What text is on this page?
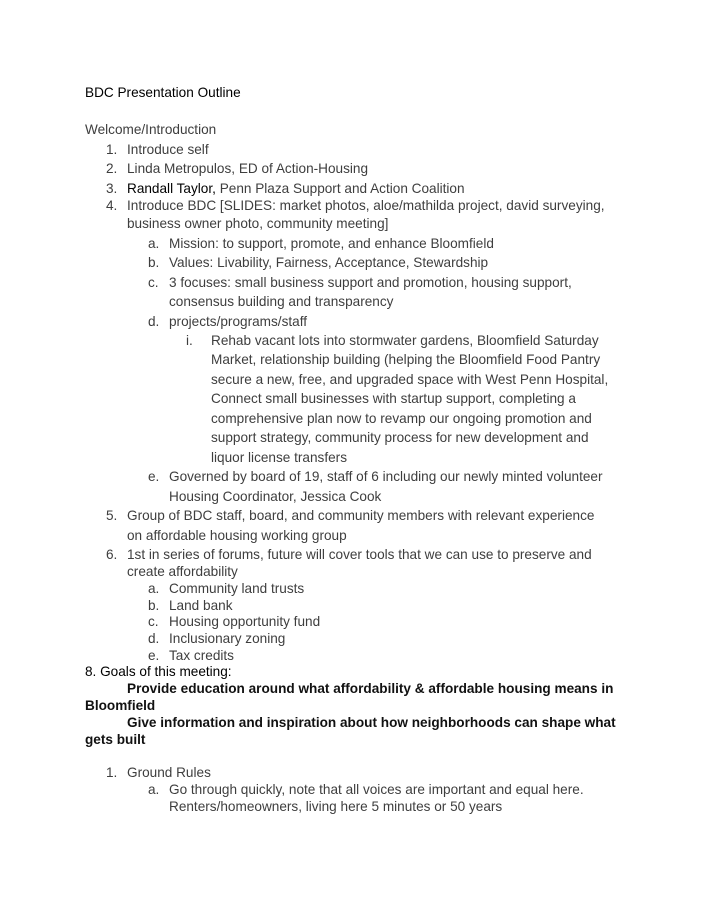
BDC Presentation Outline
Welcome/Introduction
1. Introduce self
2. Linda Metropulos, ED of Action-Housing
3. Randall Taylor, Penn Plaza Support and Action Coalition
4. Introduce BDC [SLIDES: market photos, aloe/mathilda project, david surveying,
business owner photo, community meeting]
a. Mission: to support, promote, and enhance Bloomfield
b. Values: Livability, Fairness, Acceptance, Stewardship
c. 3 focuses: small business support and promotion, housing support,
consensus building and transparency
d. projects/programs/staff
i. Rehab vacant lots into stormwater gardens, Bloomfield Saturday
Market, relationship building (helping the Bloomfield Food Pantry
secure a new, free, and upgraded space with West Penn Hospital,
Connect small businesses with startup support, completing a
comprehensive plan now to revamp our ongoing promotion and
support strategy, community process for new development and
liquor license transfers
e. Governed by board of 19, staff of 6 including our newly minted volunteer
Housing Coordinator, Jessica Cook
5. Group of BDC staff, board, and community members with relevant experience
on affordable housing working group
6. 1st in series of forums, future will cover tools that we can use to preserve and
create affordability
a. Community land trusts
b. Land bank
c. Housing opportunity fund
d. Inclusionary zoning
e. Tax credits
8. Goals of this meeting:
Provide education around what affordability & affordable housing means in
Bloomfield
Give information and inspiration about how neighborhoods can shape what
gets built
1. Ground Rules
a. Go through quickly, note that all voices are important and equal here.
Renters/homeowners, living here 5 minutes or 50 years
